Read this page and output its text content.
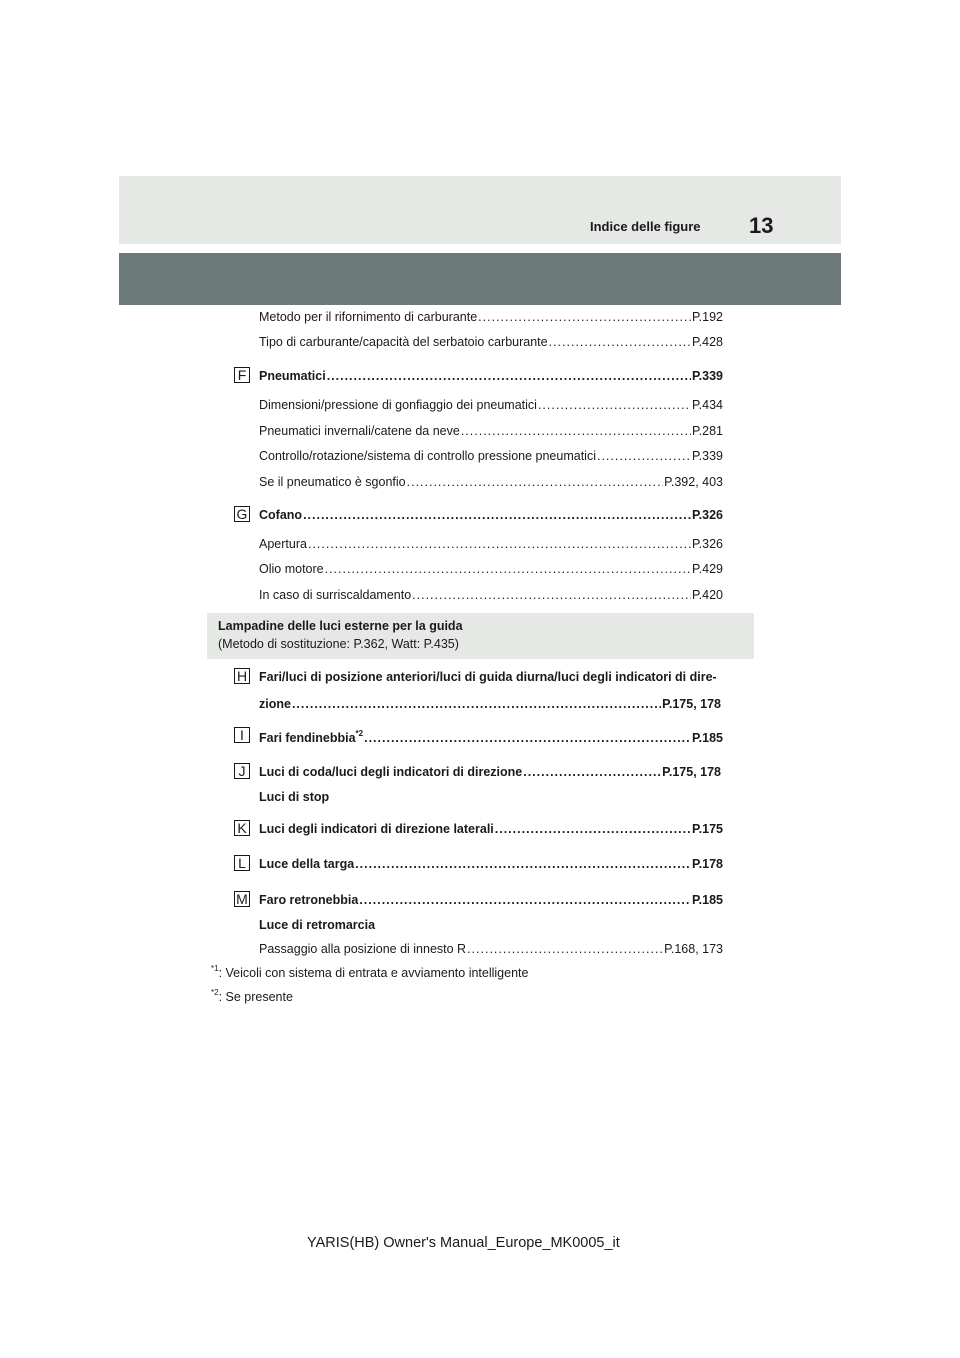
Indice delle figure 13
Metodo per il rifornimento di carburante .....	P.192
Tipo di carburante/capacità del serbatoio carburante .....	P.428
F Pneumatici .....	P.339
Dimensioni/pressione di gonfiaggio dei pneumatici .....	P.434
Pneumatici invernali/catene da neve .....	P.281
Controllo/rotazione/sistema di controllo pressione pneumatici .....	P.339
Se il pneumatico è sgonfio .....	P.392, 403
G Cofano .....	P.326
Apertura .....	P.326
Olio motore .....	P.429
In caso di surriscaldamento .....	P.420
Lampadine delle luci esterne per la guida
(Metodo di sostituzione: P.362, Watt: P.435)
H Fari/luci di posizione anteriori/luci di guida diurna/luci degli indicatori di dire-
zione .....	P.175, 178
I	Fari fendinebbia$^{*2}$ .....	P.185
J	Luci di coda/luci degli indicatori di direzione .....	P.175, 178
Luci di stop
K Luci degli indicatori di direzione laterali .....	P.175
L	Luce della targa .....	P.178
M Faro retronebbia .....	P.185
Luce di retromarcia
Passaggio alla posizione di innesto R .....	P.168, 173
$^{*1}$: Veicoli con sistema di entrata e avviamento intelligente
$^{*2}$: Se presente
YARIS(HB) Owner's Manual_Europe_MK0005_it
